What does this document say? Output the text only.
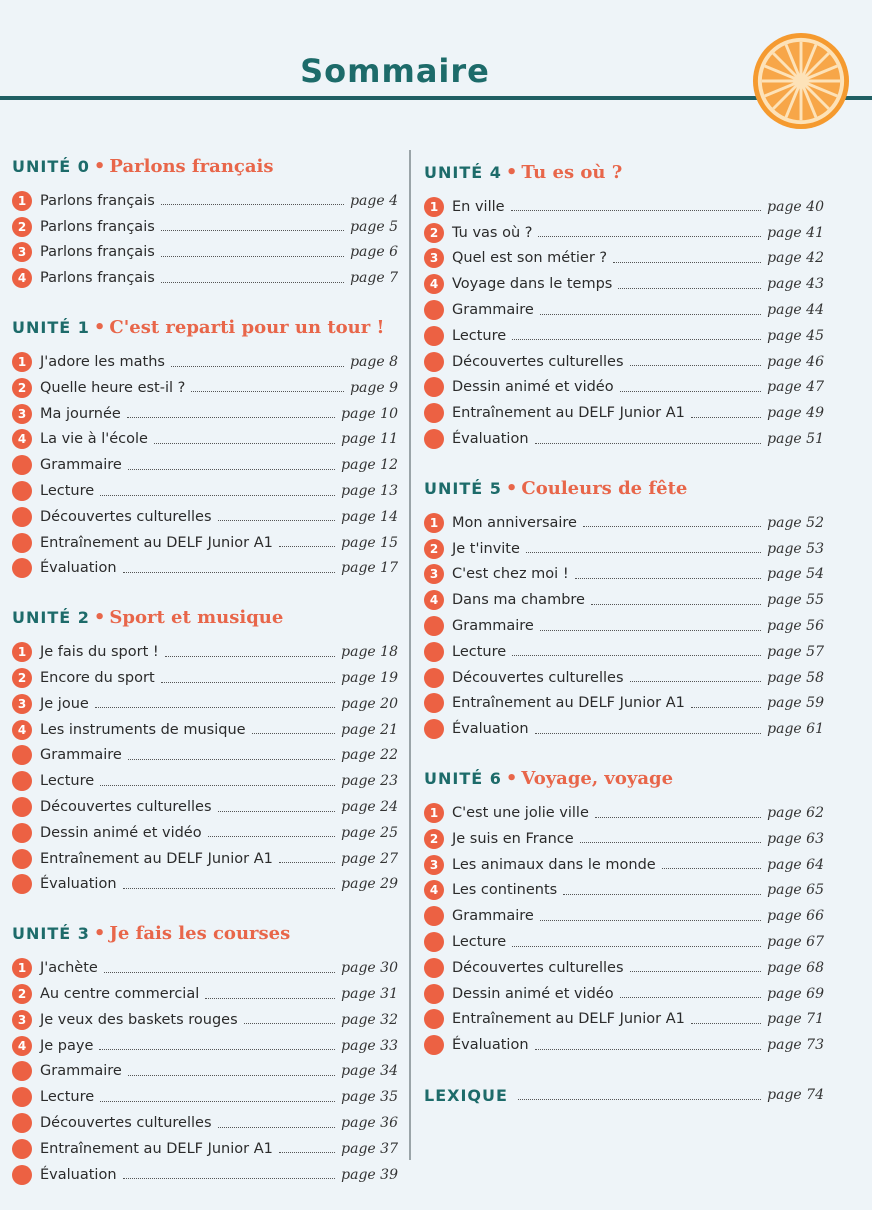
Sommaire
UNITÉ 0 • Parlons français
1 Parlons français	page 4
2 Parlons français	page 5
3 Parlons français	page 6
4 Parlons français	page 7
UNITÉ 1 • C'est reparti pour un tour !
1 J'adore les maths	page 8
2 Quelle heure est-il ?	page 9
3 Ma journée	page 10
4 La vie à l'école	page 11
Grammaire	page 12
Lecture	page 13
Découvertes culturelles	page 14
Entraînement au DELF Junior A1	page 15
Évaluation	page 17
UNITÉ 2 • Sport et musique
1 Je fais du sport !	page 18
2 Encore du sport	page 19
3 Je joue	page 20
4 Les instruments de musique	page 21
Grammaire	page 22
Lecture	page 23
Découvertes culturelles	page 24
Dessin animé et vidéo	page 25
Entraînement au DELF Junior A1	page 27
Évaluation	page 29
UNITÉ 3 • Je fais les courses
1 J'achète	page 30
2 Au centre commercial	page 31
3 Je veux des baskets rouges	page 32
4 Je paye	page 33
Grammaire	page 34
Lecture	page 35
Découvertes culturelles	page 36
Entraînement au DELF Junior A1	page 37
Évaluation	page 39
UNITÉ 4 • Tu es où ?
1 En ville	page 40
2 Tu vas où ?	page 41
3 Quel est son métier ?	page 42
4 Voyage dans le temps	page 43
Grammaire	page 44
Lecture	page 45
Découvertes culturelles	page 46
Dessin animé et vidéo	page 47
Entraînement au DELF Junior A1	page 49
Évaluation	page 51
UNITÉ 5 • Couleurs de fête
1 Mon anniversaire	page 52
2 Je t'invite	page 53
3 C'est chez moi !	page 54
4 Dans ma chambre	page 55
Grammaire	page 56
Lecture	page 57
Découvertes culturelles	page 58
Entraînement au DELF Junior A1	page 59
Évaluation	page 61
UNITÉ 6 • Voyage, voyage
1 C'est une jolie ville	page 62
2 Je suis en France	page 63
3 Les animaux dans le monde	page 64
4 Les continents	page 65
Grammaire	page 66
Lecture	page 67
Découvertes culturelles	page 68
Dessin animé et vidéo	page 69
Entraînement au DELF Junior A1	page 71
Évaluation	page 73
LEXIQUE	page 74
